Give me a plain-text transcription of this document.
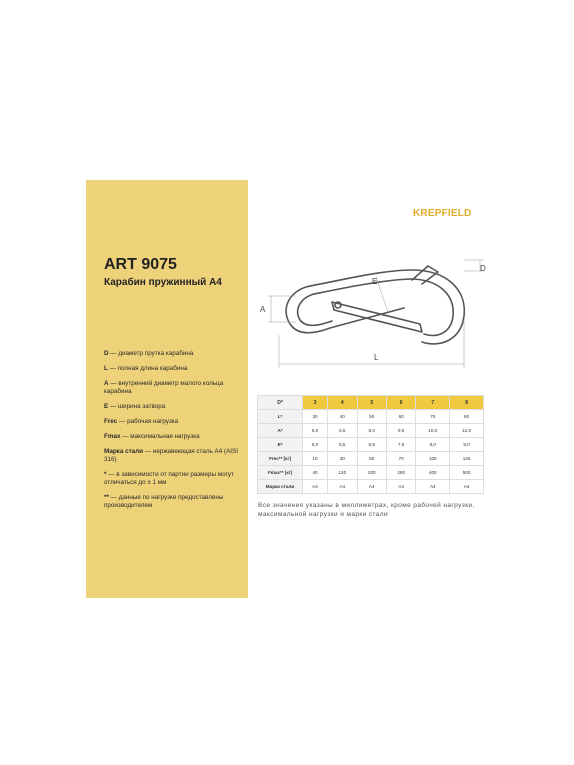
ART 9075
Карабин пружинный А4
D — диаметр прутка карабина
L — полная длина карабина
А — внутренний диаметр малого кольца карабина
Е — ширина затвора
Frec — рабочая нагрузка
Fmax — максимальная нагрузка
Марка стали — нержавеющая сталь А4 (AISI 316)
* — в зависимости от партии размеры могут отличаться до ± 1 мм
** — данные по нагрузке предоставлены производителем
KREPFIELD
A
L
D
E
D*	3	4	5	6	7	8
L*	30	40	50	60	70	80
A*	5,0	6,5	8,0	9,0	10,0	12,0
E*	5,0	5,5	6,5	7,5	8,0	9,0
Frec** [кг]	10	30	50	70	100	125
Fmax** [кг]	40	120	200	280	400	500
Марка стали	A4	A4	A4	A4	A4	A4
Все значения указаны в миллиметрах, кроме рабочей нагрузки, максимальной нагрузки и марки стали
